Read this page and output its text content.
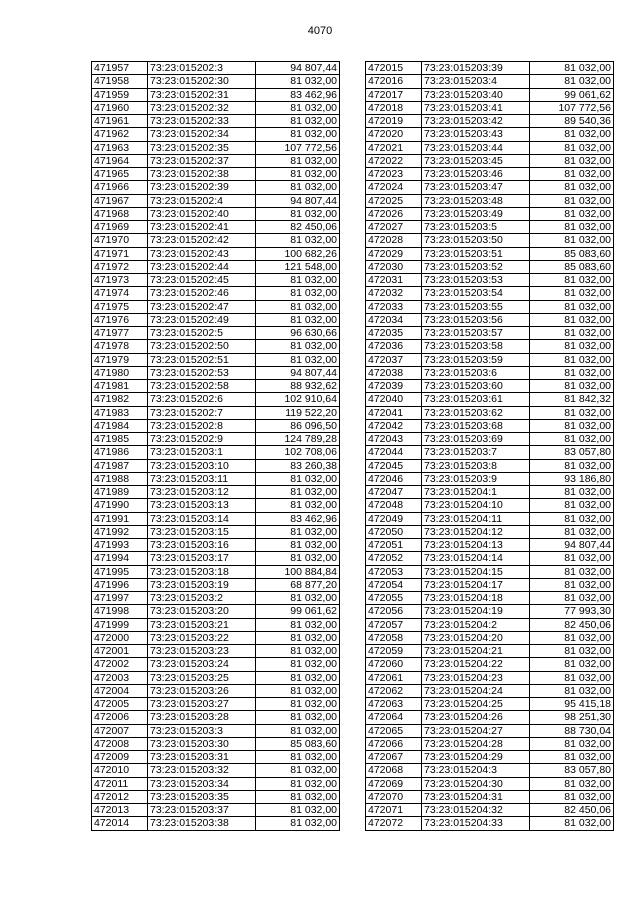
4070
471957	73:23:015202:3	94 807,44
471958	73:23:015202:30	81 032,00
471959	73:23:015202:31	83 462,96
471960	73:23:015202:32	81 032,00
471961	73:23:015202:33	81 032,00
471962	73:23:015202:34	81 032,00
471963	73:23:015202:35	107 772,56
471964	73:23:015202:37	81 032,00
471965	73:23:015202:38	81 032,00
471966	73:23:015202:39	81 032,00
471967	73:23:015202:4	94 807,44
471968	73:23:015202:40	81 032,00
471969	73:23:015202:41	82 450,06
471970	73:23:015202:42	81 032,00
471971	73:23:015202:43	100 682,26
471972	73:23:015202:44	121 548,00
471973	73:23:015202:45	81 032,00
471974	73:23:015202:46	81 032,00
471975	73:23:015202:47	81 032,00
471976	73:23:015202:49	81 032,00
471977	73:23:015202:5	96 630,66
471978	73:23:015202:50	81 032,00
471979	73:23:015202:51	81 032,00
471980	73:23:015202:53	94 807,44
471981	73:23:015202:58	88 932,62
471982	73:23:015202:6	102 910,64
471983	73:23:015202:7	119 522,20
471984	73:23:015202:8	86 096,50
471985	73:23:015202:9	124 789,28
471986	73:23:015203:1	102 708,06
471987	73:23:015203:10	83 260,38
471988	73:23:015203:11	81 032,00
471989	73:23:015203:12	81 032,00
471990	73:23:015203:13	81 032,00
471991	73:23:015203:14	83 462,96
471992	73:23:015203:15	81 032,00
471993	73:23:015203:16	81 032,00
471994	73:23:015203:17	81 032,00
471995	73:23:015203:18	100 884,84
471996	73:23:015203:19	68 877,20
471997	73:23:015203:2	81 032,00
471998	73:23:015203:20	99 061,62
471999	73:23:015203:21	81 032,00
472000	73:23:015203:22	81 032,00
472001	73:23:015203:23	81 032,00
472002	73:23:015203:24	81 032,00
472003	73:23:015203:25	81 032,00
472004	73:23:015203:26	81 032,00
472005	73:23:015203:27	81 032,00
472006	73:23:015203:28	81 032,00
472007	73:23:015203:3	81 032,00
472008	73:23:015203:30	85 083,60
472009	73:23:015203:31	81 032,00
472010	73:23:015203:32	81 032,00
472011	73:23:015203:34	81 032,00
472012	73:23:015203:35	81 032,00
472013	73:23:015203:37	81 032,00
472014	73:23:015203:38	81 032,00
472015	73:23:015203:39	81 032,00
472016	73:23:015203:4	81 032,00
472017	73:23:015203:40	99 061,62
472018	73:23:015203:41	107 772,56
472019	73:23:015203:42	89 540,36
472020	73:23:015203:43	81 032,00
472021	73:23:015203:44	81 032,00
472022	73:23:015203:45	81 032,00
472023	73:23:015203:46	81 032,00
472024	73:23:015203:47	81 032,00
472025	73:23:015203:48	81 032,00
472026	73:23:015203:49	81 032,00
472027	73:23:015203:5	81 032,00
472028	73:23:015203:50	81 032,00
472029	73:23:015203:51	85 083,60
472030	73:23:015203:52	85 083,60
472031	73:23:015203:53	81 032,00
472032	73:23:015203:54	81 032,00
472033	73:23:015203:55	81 032,00
472034	73:23:015203:56	81 032,00
472035	73:23:015203:57	81 032,00
472036	73:23:015203:58	81 032,00
472037	73:23:015203:59	81 032,00
472038	73:23:015203:6	81 032,00
472039	73:23:015203:60	81 032,00
472040	73:23:015203:61	81 842,32
472041	73:23:015203:62	81 032,00
472042	73:23:015203:68	81 032,00
472043	73:23:015203:69	81 032,00
472044	73:23:015203:7	83 057,80
472045	73:23:015203:8	81 032,00
472046	73:23:015203:9	93 186,80
472047	73:23:015204:1	81 032,00
472048	73:23:015204:10	81 032,00
472049	73:23:015204:11	81 032,00
472050	73:23:015204:12	81 032,00
472051	73:23:015204:13	94 807,44
472052	73:23:015204:14	81 032,00
472053	73:23:015204:15	81 032,00
472054	73:23:015204:17	81 032,00
472055	73:23:015204:18	81 032,00
472056	73:23:015204:19	77 993,30
472057	73:23:015204:2	82 450,06
472058	73:23:015204:20	81 032,00
472059	73:23:015204:21	81 032,00
472060	73:23:015204:22	81 032,00
472061	73:23:015204:23	81 032,00
472062	73:23:015204:24	81 032,00
472063	73:23:015204:25	95 415,18
472064	73:23:015204:26	98 251,30
472065	73:23:015204:27	88 730,04
472066	73:23:015204:28	81 032,00
472067	73:23:015204:29	81 032,00
472068	73:23:015204:3	83 057,80
472069	73:23:015204:30	81 032,00
472070	73:23:015204:31	81 032,00
472071	73:23:015204:32	82 450,06
472072	73:23:015204:33	81 032,00
